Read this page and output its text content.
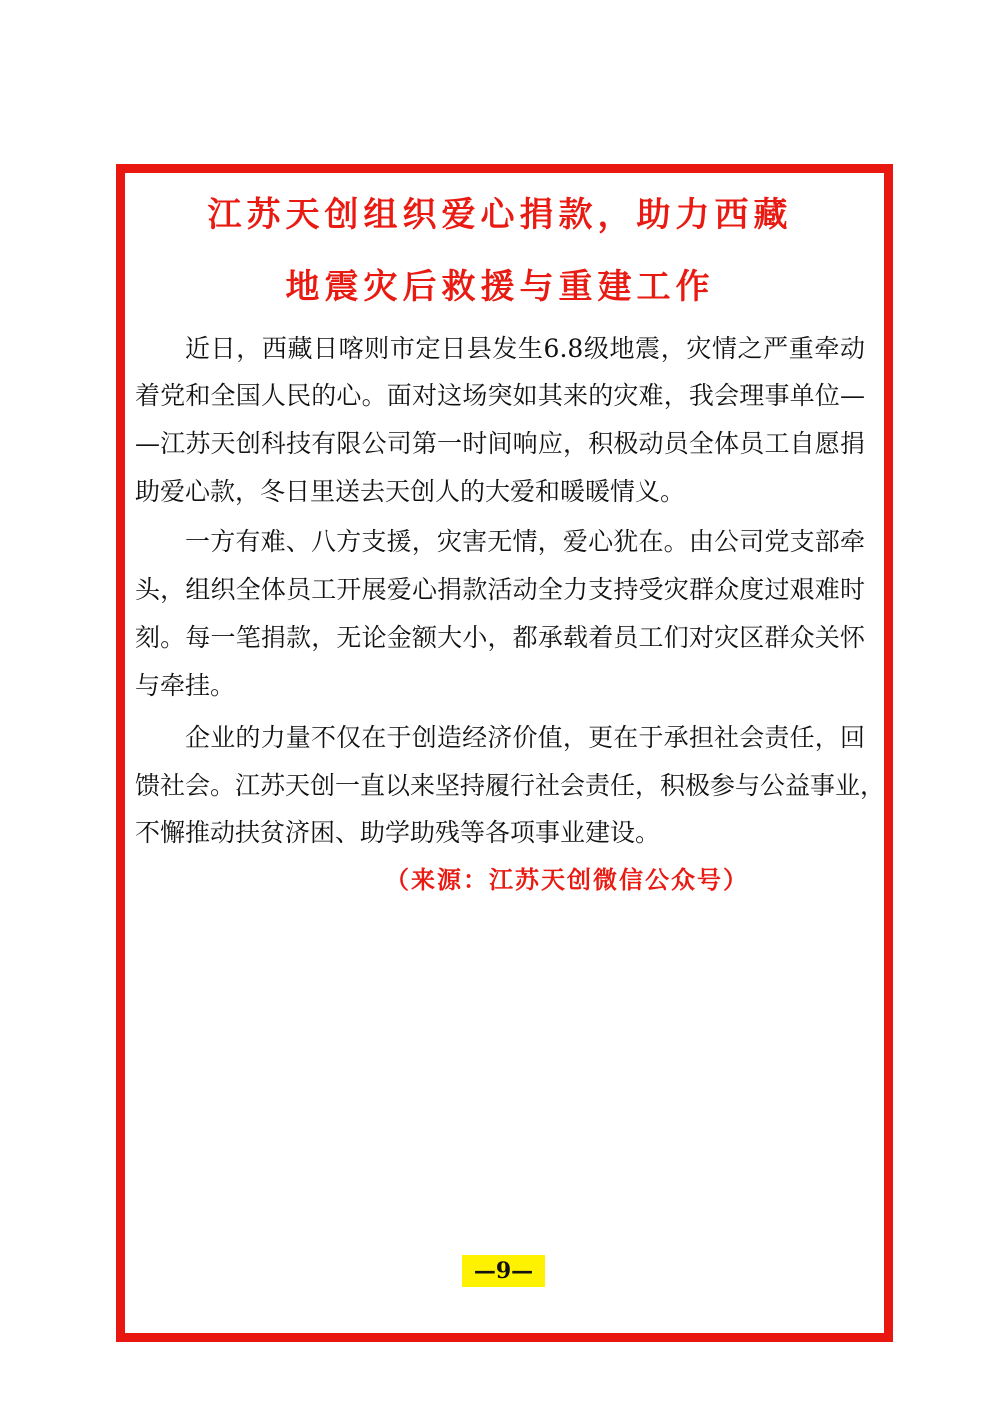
江苏天创组织爱心捐款，助力西藏
地震灾后救援与重建工作
近日，西藏日喀则市定日县发生6.8级地震，灾情之严重牵动
着党和全国人民的心。面对这场突如其来的灾难，我会理事单位—
—江苏天创科技有限公司第一时间响应，积极动员全体员工自愿捐
助爱心款，冬日里送去天创人的大爱和暖暖情义。
一方有难、八方支援，灾害无情，爱心犹在。由公司党支部牵
头，组织全体员工开展爱心捐款活动全力支持受灾群众度过艰难时
刻。每一笔捐款，无论金额大小，都承载着员工们对灾区群众关怀
与牵挂。
企业的力量不仅在于创造经济价值，更在于承担社会责任，回
馈社会。江苏天创一直以来坚持履行社会责任，积极参与公益事业，
不懈推动扶贫济困、助学助残等各项事业建设。
（来源：江苏天创微信公众号）
—9—
